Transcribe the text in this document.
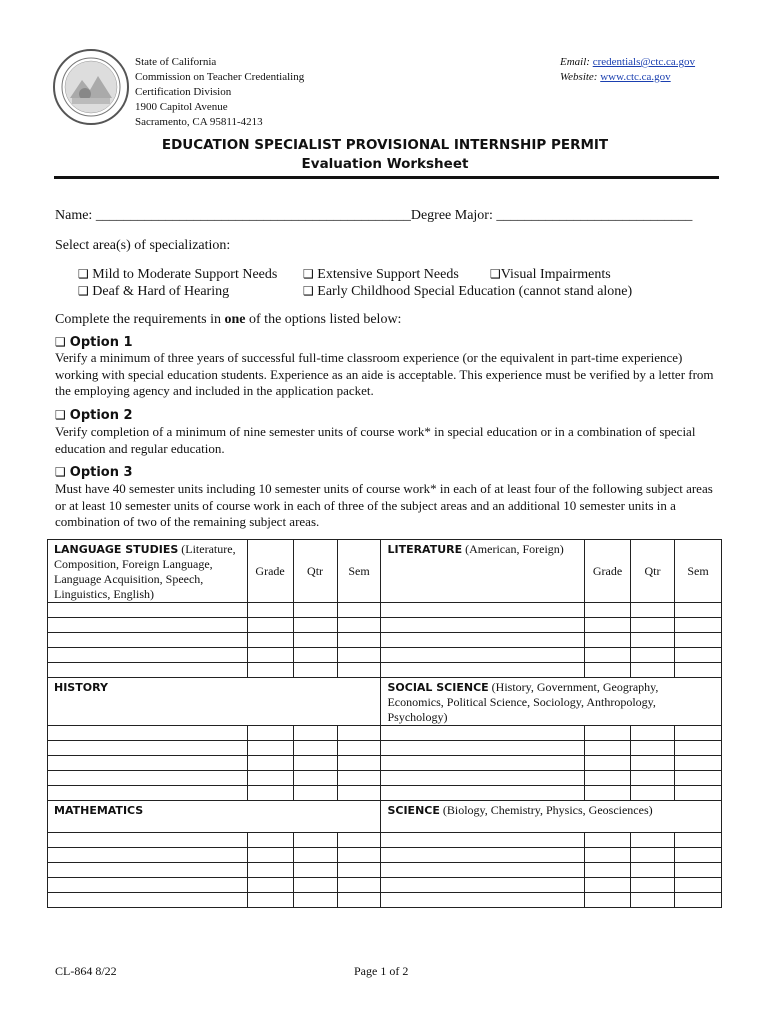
State of California
Commission on Teacher Credentialing
Certification Division
1900 Capitol Avenue
Sacramento, CA 95811-4213
Email: credentials@ctc.ca.gov
Website: www.ctc.ca.gov
EDUCATION SPECIALIST PROVISIONAL INTERNSHIP PERMIT
Evaluation Worksheet
Name: _____________________________________________Degree Major: ____________________________
Select area(s) of specialization:
❑ Mild to Moderate Support Needs
❑ Deaf & Hard of Hearing
❑ Extensive Support Needs	❑Visual Impairments
❑ Early Childhood Special Education (cannot stand alone)
Complete the requirements in one of the options listed below:
❑ Option 1
Verify a minimum of three years of successful full-time classroom experience (or the equivalent in part-time experience) working with special education students. Experience as an aide is acceptable. This experience must be verified by a letter from the employing agency and included in the application packet.
❑ Option 2
Verify completion of a minimum of nine semester units of course work* in special education or in a combination of special education and regular education.
❑ Option 3
Must have 40 semester units including 10 semester units of course work* in each of at least four of the following subject areas or at least 10 semester units of course work in each of three of the subject areas and an additional 10 semester units in a combination of two of the remaining subject areas.
LANGUAGE STUDIES (Literature, Composition, Foreign Language, Language Acquisition, Speech, Linguistics, English)	Grade	Qtr	Sem	LITERATURE (American, Foreign)	Grade	Qtr	Sem

HISTORY				SOCIAL SCIENCE (History, Government, Geography, Economics, Political Science, Sociology, Anthropology, Psychology)			

MATHEMATICS				SCIENCE (Biology, Chemistry, Physics, Geosciences)			

CL-864 8/22	Page 1 of 2
